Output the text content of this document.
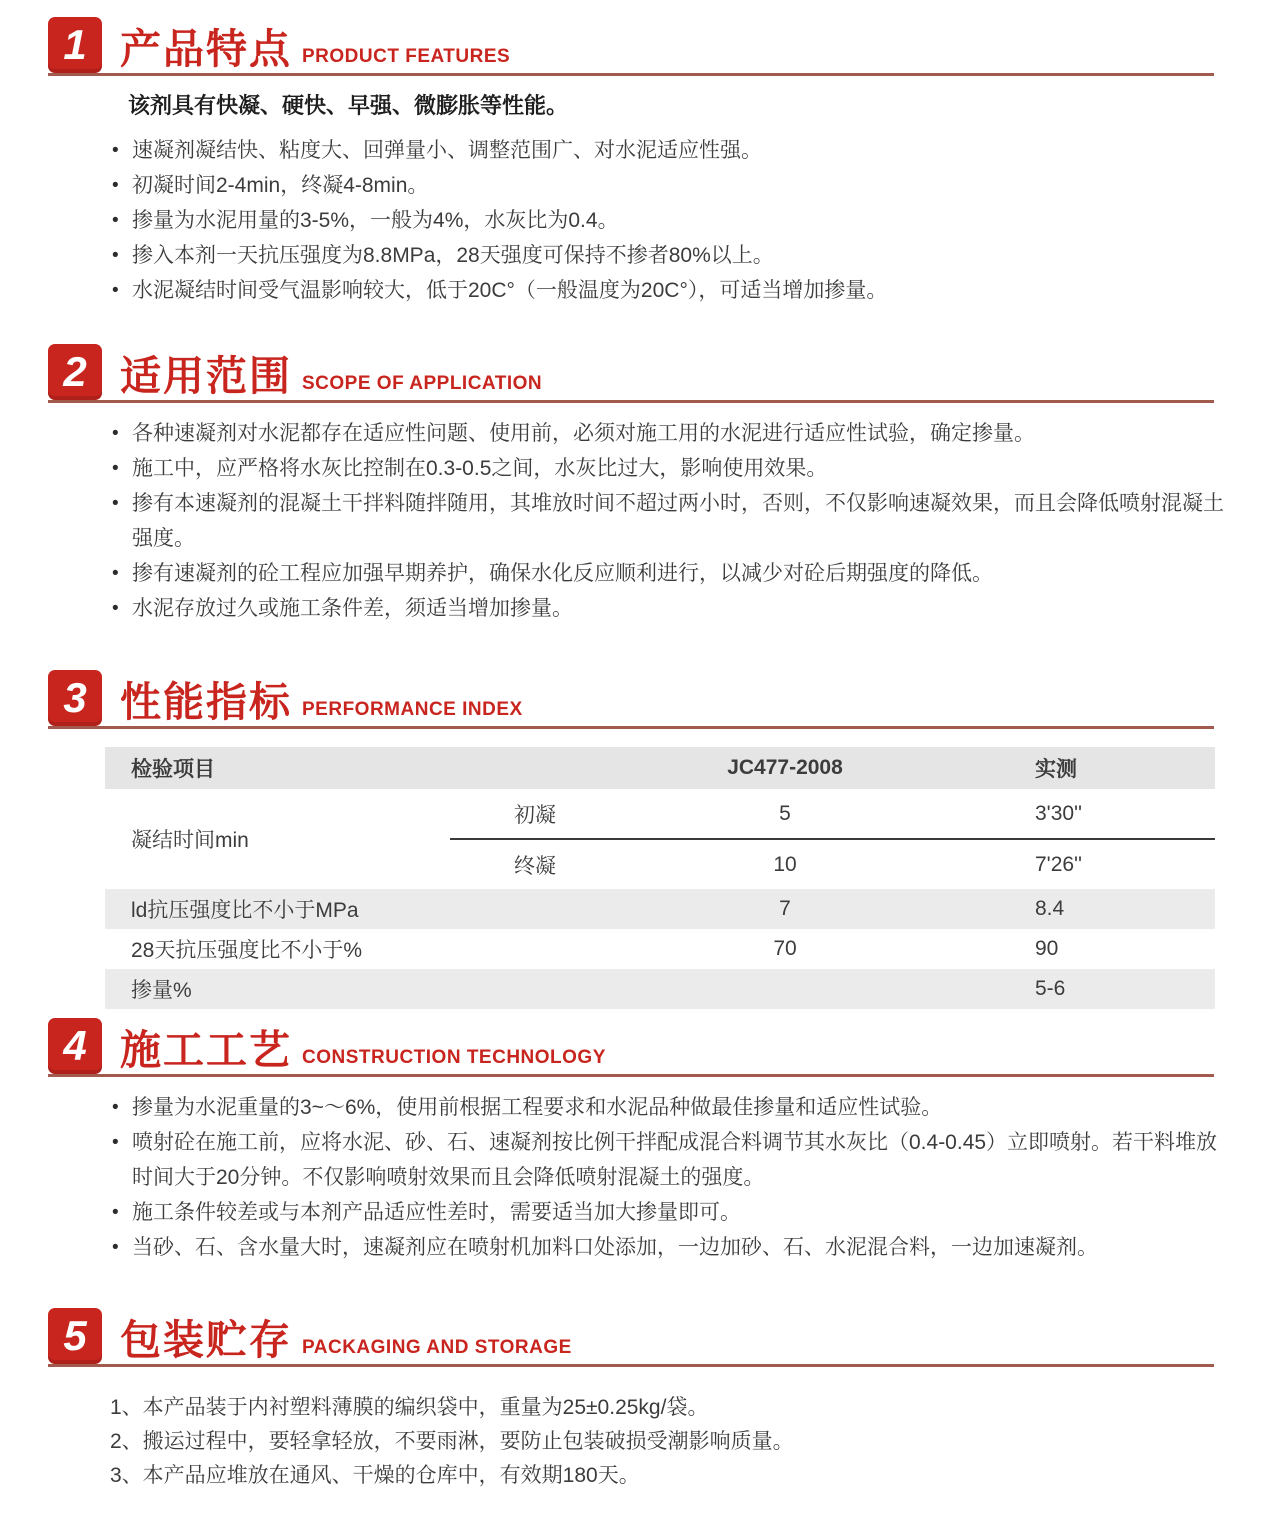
1 产品特点 PRODUCT FEATURES

该剂具有快凝、硬快、早强、微膨胀等性能。

• 速凝剂凝结快、粘度大、回弹量小、调整范围广、对水泥适应性强。
• 初凝时间2-4min，终凝4-8min。
• 掺量为水泥用量的3-5%，一般为4%，水灰比为0.4。
• 掺入本剂一天抗压强度为8.8MPa，28天强度可保持不掺者80%以上。
• 水泥凝结时间受气温影响较大，低于20C°（一般温度为20C°），可适当增加掺量。
2 适用范围 SCOPE OF APPLICATION
• 各种速凝剂对水泥都存在适应性问题、使用前，必须对施工用的水泥进行适应性试验，确定掺量。
• 施工中，应严格将水灰比控制在0.3-0.5之间，水灰比过大，影响使用效果。
• 掺有本速凝剂的混凝土干拌料随拌随用，其堆放时间不超过两小时，否则，不仅影响速凝效果，而且会降低喷射混凝土强度。
• 掺有速凝剂的砼工程应加强早期养护，确保水化反应顺利进行，以减少对砼后期强度的降低。
• 水泥存放过久或施工条件差，须适当增加掺量。
3 性能指标 PERFORMANCE INDEX
检验项目		JC477-2008	实测
凝结时间min	初凝	5	3'30''
	终凝	10	7'26''
ld抗压强度比不小于MPa		7	8.4
28天抗压强度比不小于%		70	90
掺量%			5-6
4 施工工艺 CONSTRUCTION TECHNOLOGY
• 掺量为水泥重量的3~～6%，使用前根据工程要求和水泥品种做最佳掺量和适应性试验。
• 喷射砼在施工前，应将水泥、砂、石、速凝剂按比例干拌配成混合料调节其水灰比（0.4-0.45）立即喷射。若干料堆放时间大于20分钟。不仅影响喷射效果而且会降低喷射混凝土的强度。
• 施工条件较差或与本剂产品适应性差时，需要适当加大掺量即可。
• 当砂、石、含水量大时，速凝剂应在喷射机加料口处添加，一边加砂、石、水泥混合料，一边加速凝剂。
5 包装贮存 PACKAGING AND STORAGE
1、本产品装于内衬塑料薄膜的编织袋中，重量为25±0.25kg/袋。
2、搬运过程中，要轻拿轻放，不要雨淋，要防止包装破损受潮影响质量。
3、本产品应堆放在通风、干燥的仓库中，有效期180天。
